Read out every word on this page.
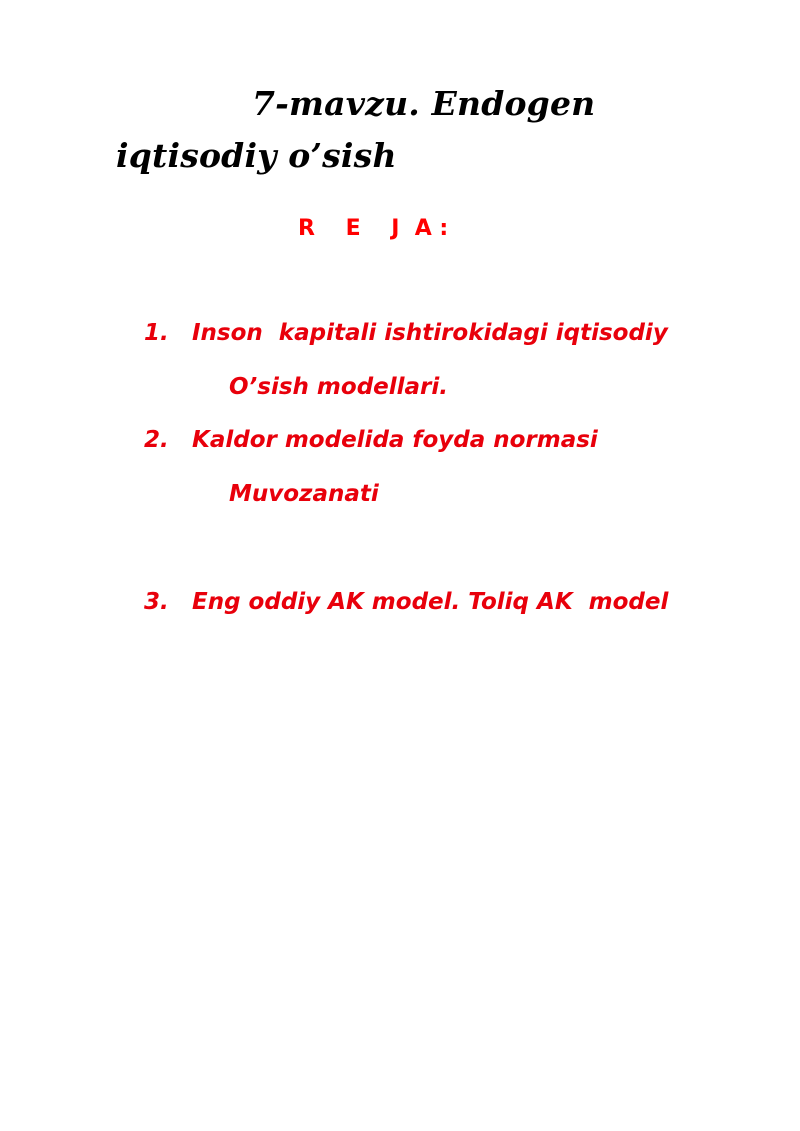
7-mavzu. Endogen
iqtisodiy o’sish
R    E    J  A :
1. Inson  kapitali ishtirokidagi iqtisodiy
O’sish modellari.
2. Kaldor modelida foyda normasi
Muvozanati
3. Eng oddiy AK model. Toliq AK  model
